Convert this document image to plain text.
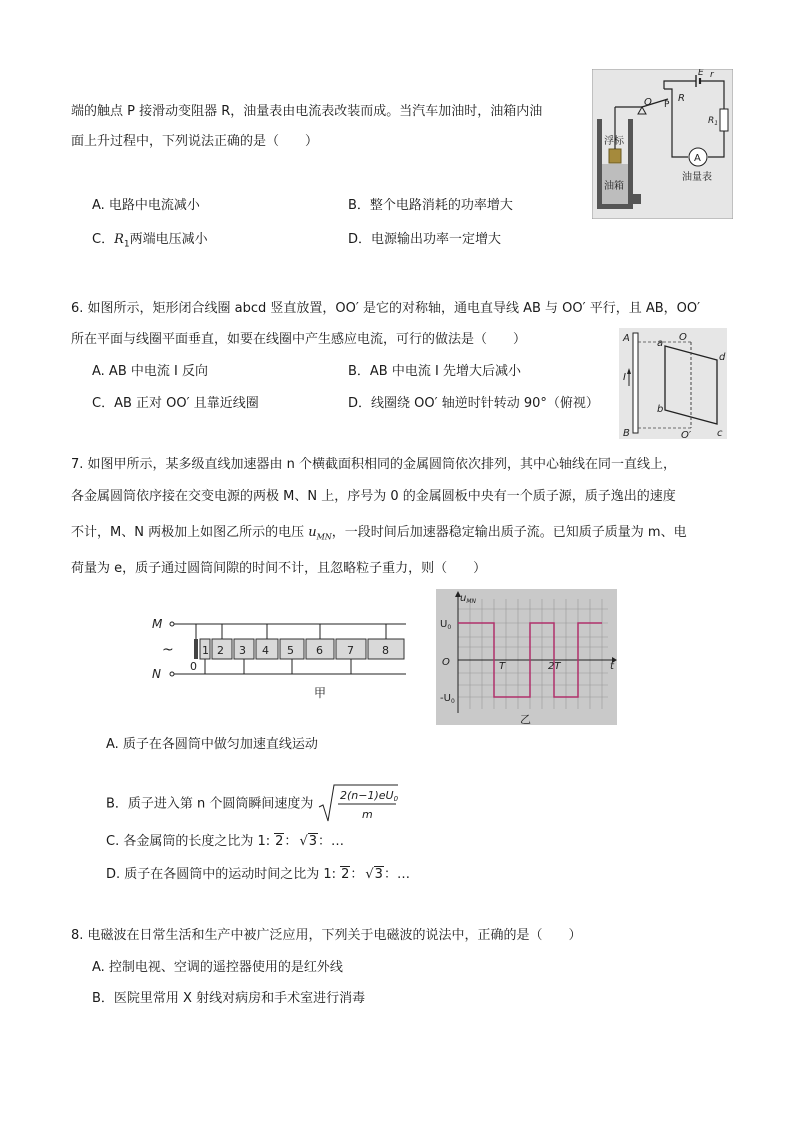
端的触点 P 接滑动变阻器 R，油量表由电流表改装而成。当汽车加油时，油箱内油
面上升过程中，下列说法正确的是（　　）
A. 电路中电流减小	B．整个电路消耗的功率增大
C．$R_1$两端电压减小	D．电源输出功率一定增大
浮标
油箱
O P
R
E r
$R_1$
A
油量表
6. 如图所示，矩形闭合线圈 abcd 竖直放置，OO′ 是它的对称轴，通电直导线 AB 与 OO′ 平行，且 AB，OO′
所在平面与线圈平面垂直，如要在线圈中产生感应电流，可行的做法是（　　）
A. AB 中电流 I 反向	B．AB 中电流 I 先增大后减小
C．AB 正对 OO′ 且靠近线圈	D．线圈绕 OO′ 轴逆时针转动 90°（俯视）
A
B
I
a
b
c
d
O
O′
7. 如图甲所示，某多级直线加速器由 n 个横截面积相同的金属圆筒依次排列，其中心轴线在同一直线上，
各金属圆筒依序接在交变电源的两极 M、N 上，序号为 0 的金属圆板中央有一个质子源，质子逸出的速度
不计，M、N 两极加上如图乙所示的电压 $u_{MN}$，一段时间后加速器稳定输出质子流。已知质子质量为 m、电
荷量为 e，质子通过圆筒间隙的时间不计，且忽略粒子重力，则（　　）
M
N
~	1 2 3 4 5 6 7	8
0
甲
$u_{MN}$
$U_0$
$-U_0$
O	T	2T	t
乙
A. 质子在各圆筒中做匀加速直线运动
B．质子进入第 n 个圆筒瞬间速度为
2(n−1)eU0
m
C. 各金属筒的长度之比为 1: 2： √3：…
D. 质子在各圆筒中的运动时间之比为 1: 2： √3：…
8. 电磁波在日常生活和生产中被广泛应用，下列关于电磁波的说法中，正确的是（　　）
A. 控制电视、空调的遥控器使用的是红外线
B．医院里常用 X 射线对病房和手术室进行消毒
